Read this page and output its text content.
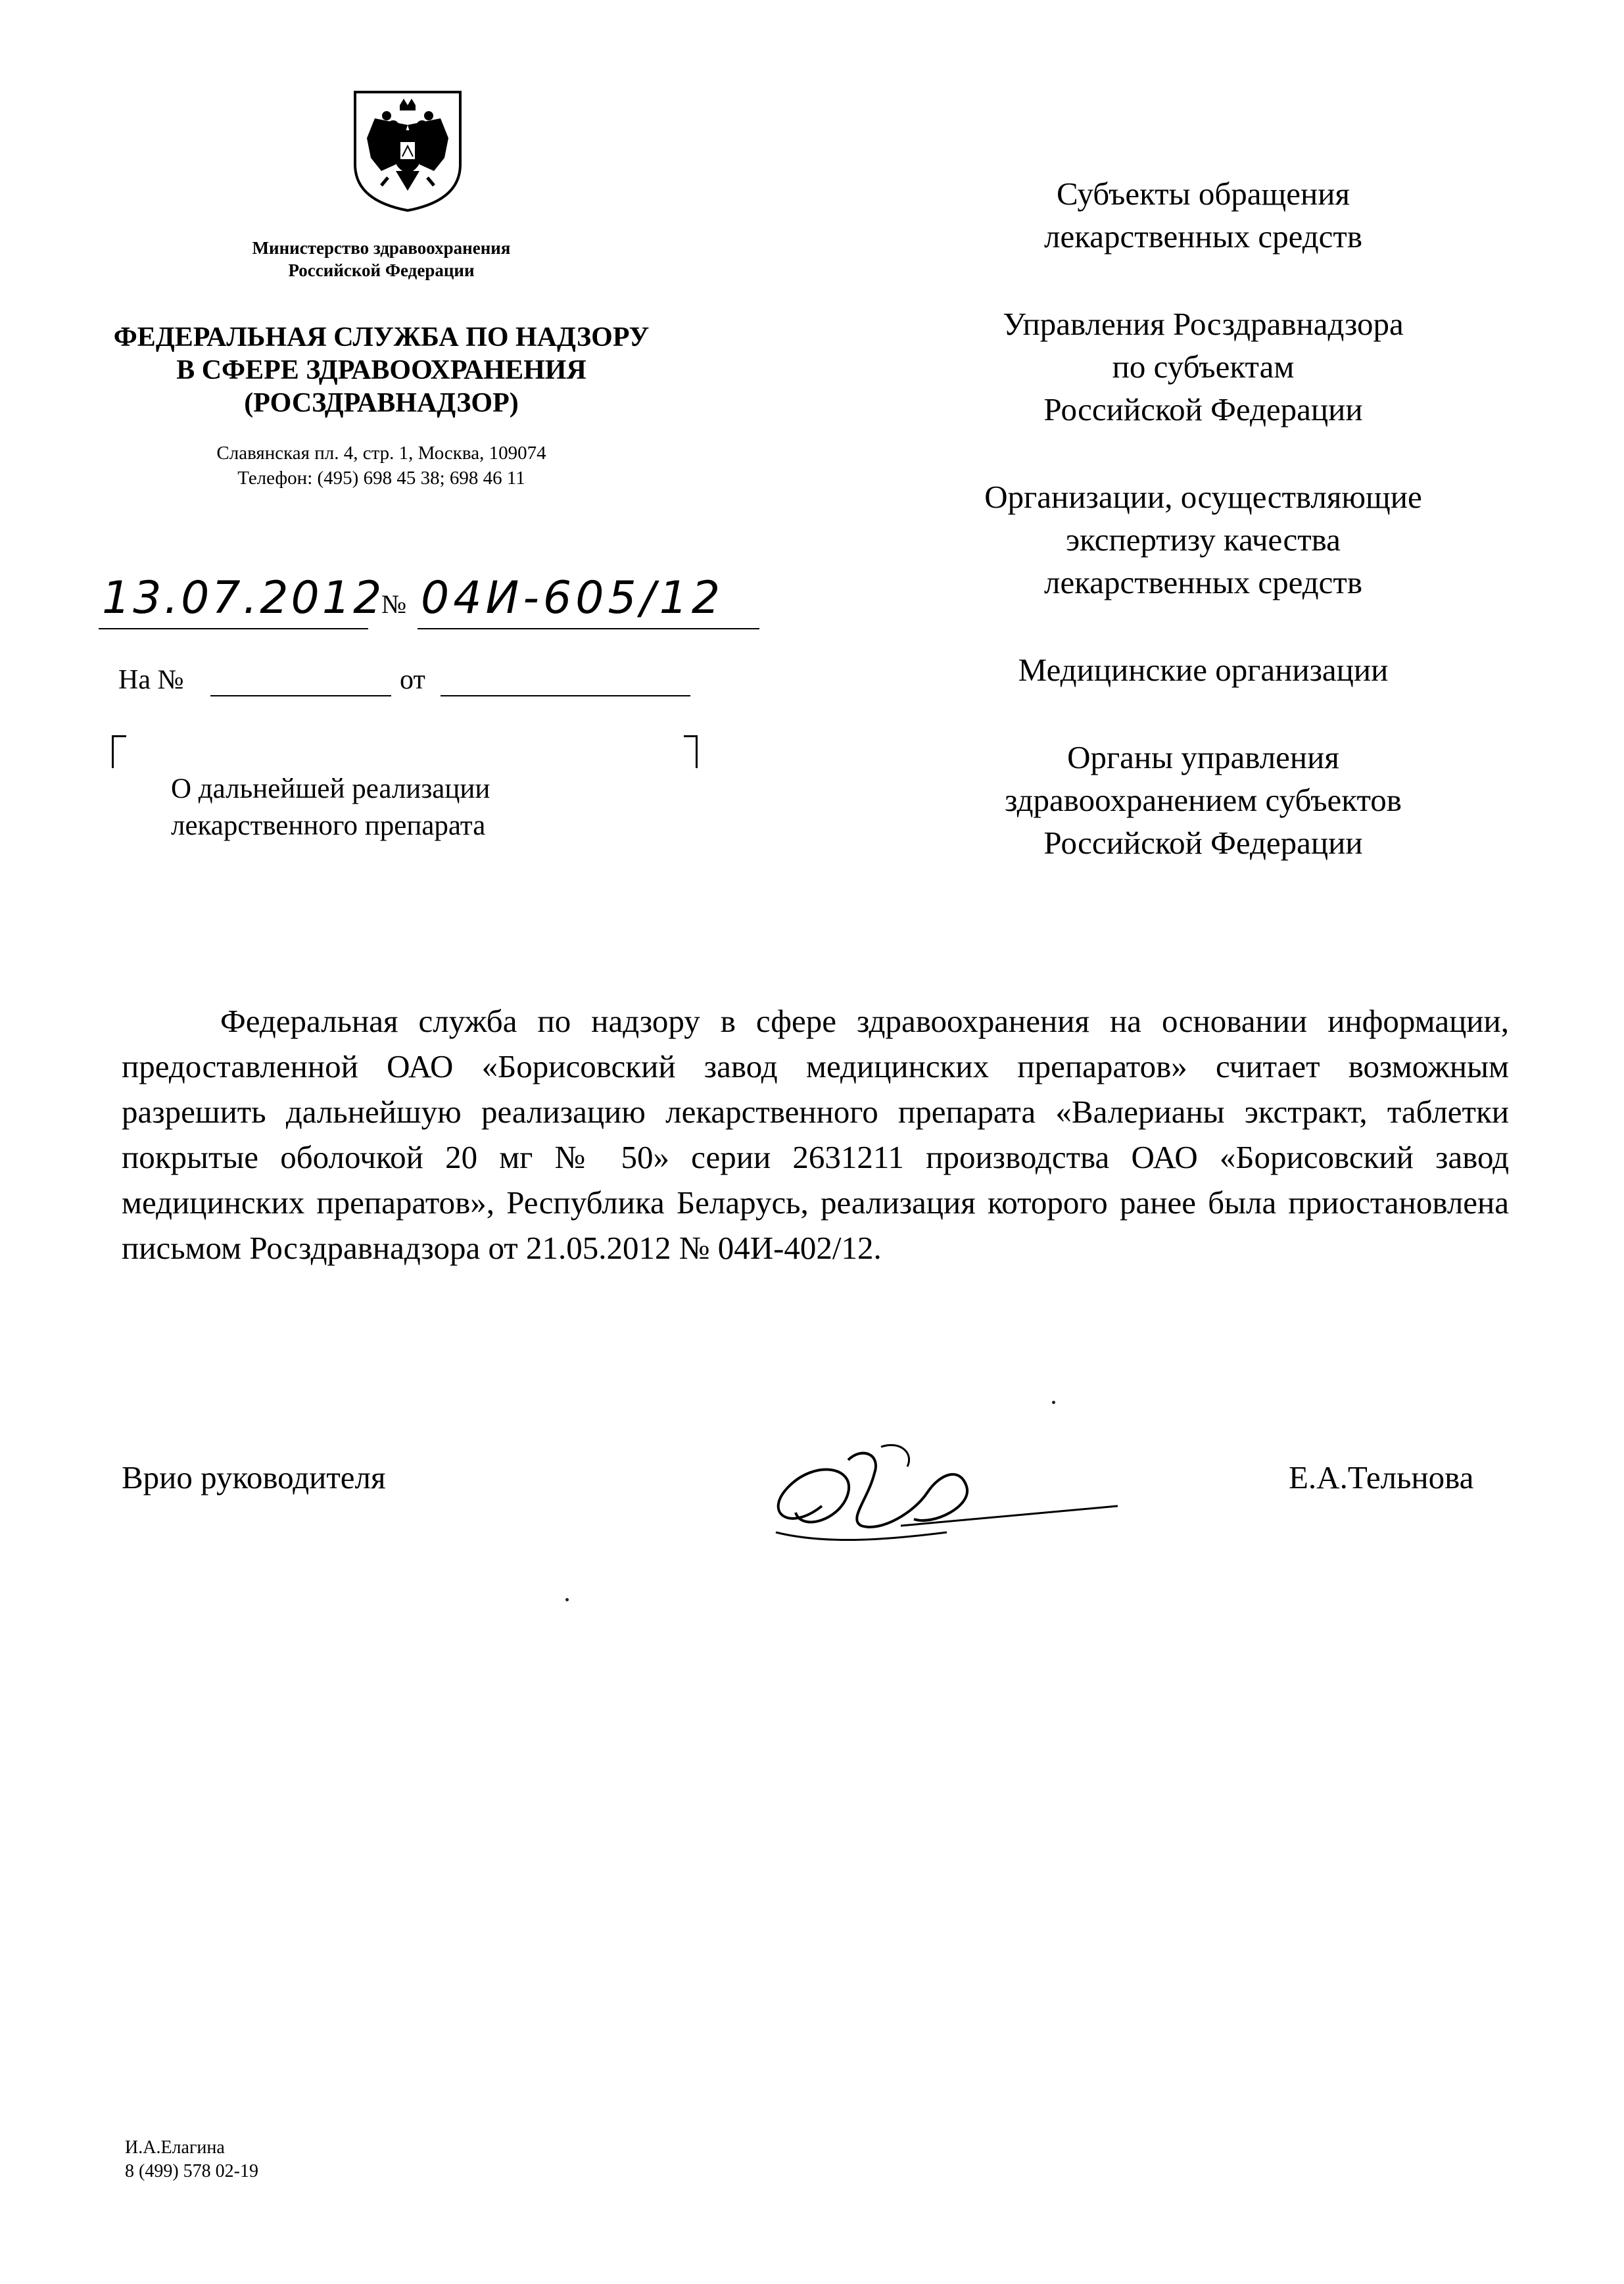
Министерство здравоохранения
Российской Федерации
ФЕДЕРАЛЬНАЯ СЛУЖБА ПО НАДЗОРУ
В СФЕРЕ ЗДРАВООХРАНЕНИЯ
(РОСЗДРАВНАДЗОР)
Славянская пл. 4, стр. 1, Москва, 109074
Телефон: (495) 698 45 38; 698 46 11
13.07.2012
№ 04И-605/12
На №	от
О дальнейшей реализации
лекарственного препарата
Субъекты обращения
лекарственных средств
Управления Росздравнадзора
по субъектам
Российской Федерации
Организации, осуществляющие
экспертизу качества
лекарственных средств
Медицинские организации
Органы управления
здравоохранением субъектов
Российской Федерации
Федеральная служба по надзору в сфере здравоохранения на основании информации, предоставленной ОАО «Борисовский завод медицинских препаратов» считает возможным разрешить дальнейшую реализацию лекарственного препарата «Валерианы экстракт, таблетки покрытые оболочкой 20 мг № 50» серии 2631211 производства ОАО «Борисовский завод медицинских препаратов», Республика Беларусь, реализация которого ранее была приостановлена письмом Росздравнадзора от 21.05.2012 № 04И-402/12.
Врио руководителя	Е.А.Тельнова
И.А.Елагина
8 (499) 578 02-19
